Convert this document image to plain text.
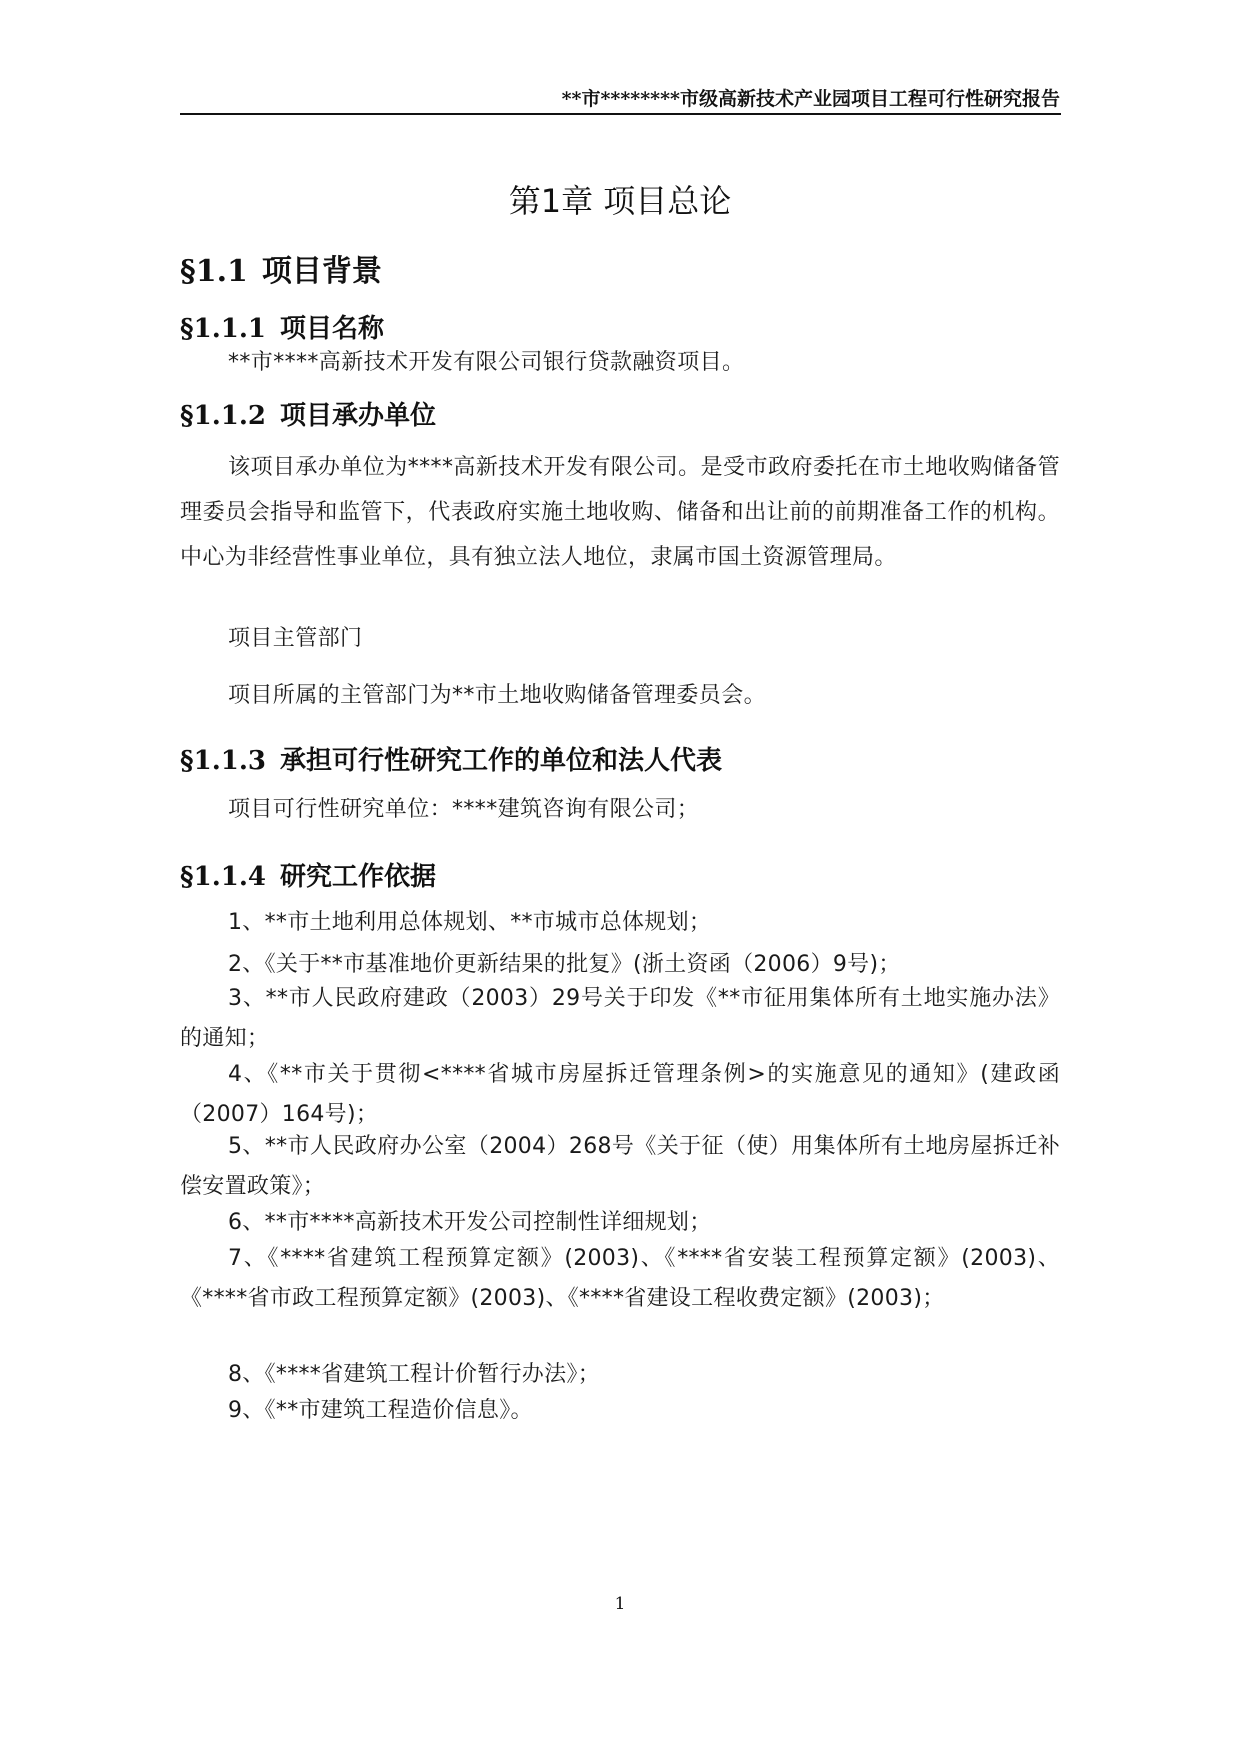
**市********市级高新技术产业园项目工程可行性研究报告
第1章 项目总论
§1.1 项目背景
§1.1.1 项目名称
**市****高新技术开发有限公司银行贷款融资项目。
§1.1.2 项目承办单位
该项目承办单位为****高新技术开发有限公司。是受市政府委托在市土地收购储备管理委员会指导和监管下，代表政府实施土地收购、储备和出让前的前期准备工作的机构。中心为非经营性事业单位，具有独立法人地位，隶属市国土资源管理局。
项目主管部门
项目所属的主管部门为**市土地收购储备管理委员会。
§1.1.3 承担可行性研究工作的单位和法人代表
项目可行性研究单位：****建筑咨询有限公司；
§1.1.4 研究工作依据
1、**市土地利用总体规划、**市城市总体规划；
2、《关于**市基准地价更新结果的批复》(浙土资函（2006）9号)；
3、**市人民政府建政（2003）29号关于印发《**市征用集体所有土地实施办法》的通知；
4、《**市关于贯彻<****省城市房屋拆迁管理条例>的实施意见的通知》(建政函（2007）164号)；
5、**市人民政府办公室（2004）268号《关于征（使）用集体所有土地房屋拆迁补偿安置政策》；
6、**市****高新技术开发公司控制性详细规划；
7、《****省建筑工程预算定额》(2003)、《****省安装工程预算定额》(2003)、《****省市政工程预算定额》(2003)、《****省建设工程收费定额》(2003)；
8、《****省建筑工程计价暂行办法》；
9、《**市建筑工程造价信息》。
1
